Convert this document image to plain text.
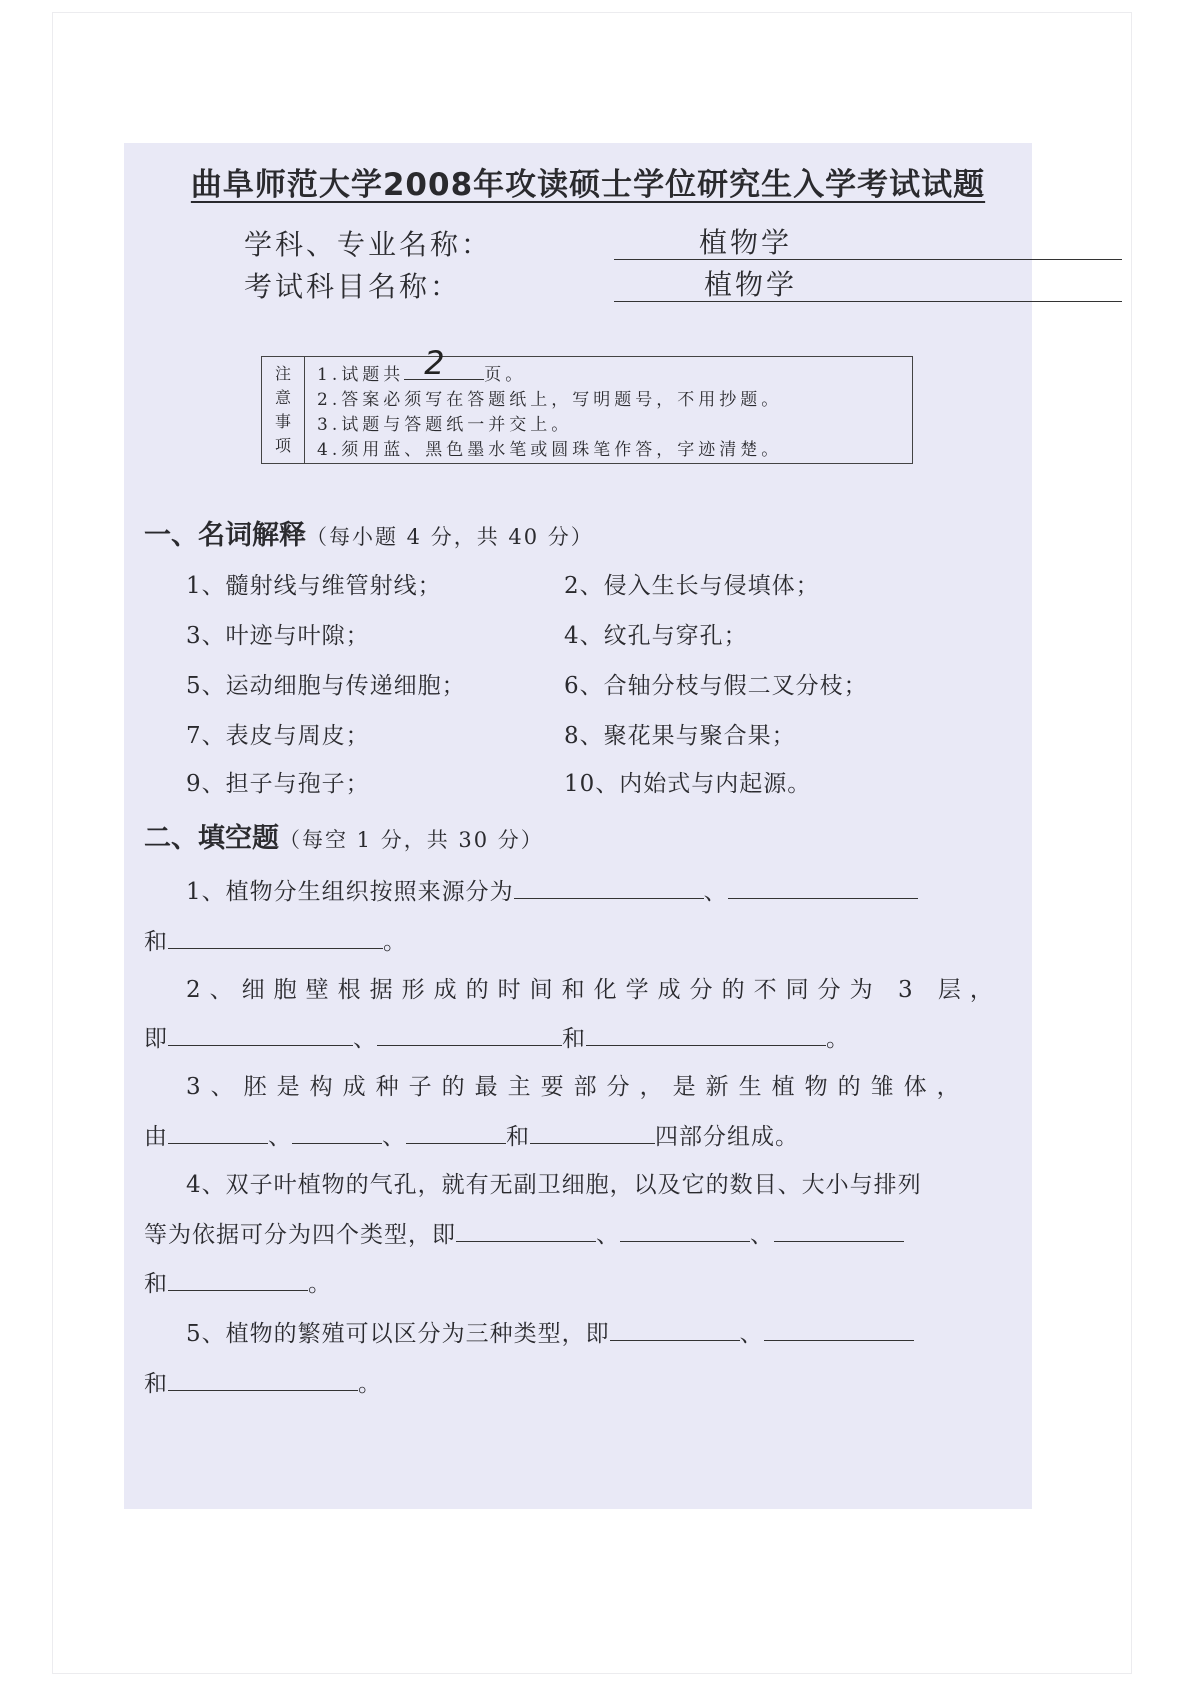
曲阜师范大学2008年攻读硕士学位研究生入学考试试题
学科、专业名称：	植物学
考试科目名称：	植物学
注
意
事
项
1.试题共 2 页。
2.答案必须写在答题纸上，写明题号，不用抄题。
3.试题与答题纸一并交上。
4.须用蓝、黑色墨水笔或圆珠笔作答，字迹清楚。
一、名词解释（每小题 4 分，共 40 分）
1、髓射线与维管射线；	2、侵入生长与侵填体；
3、叶迹与叶隙；	4、纹孔与穿孔；
5、运动细胞与传递细胞；	6、合轴分枝与假二叉分枝；
7、表皮与周皮；	8、聚花果与聚合果；
9、担子与孢子；	10、内始式与内起源。
二、填空题（每空 1 分，共 30 分）
1、植物分生组织按照来源分为	、
和	。
2、细胞壁根据形成的时间和化学成分的不同分为 3 层，
即	、	和	。
3、胚是构成种子的最主要部分，是新生植物的雏体，
由	、	、	和	四部分组成。
4、双子叶植物的气孔，就有无副卫细胞，以及它的数目、大小与排列
等为依据可分为四个类型，即	、	、
和	。
5、植物的繁殖可以区分为三种类型，即	、
和	。
